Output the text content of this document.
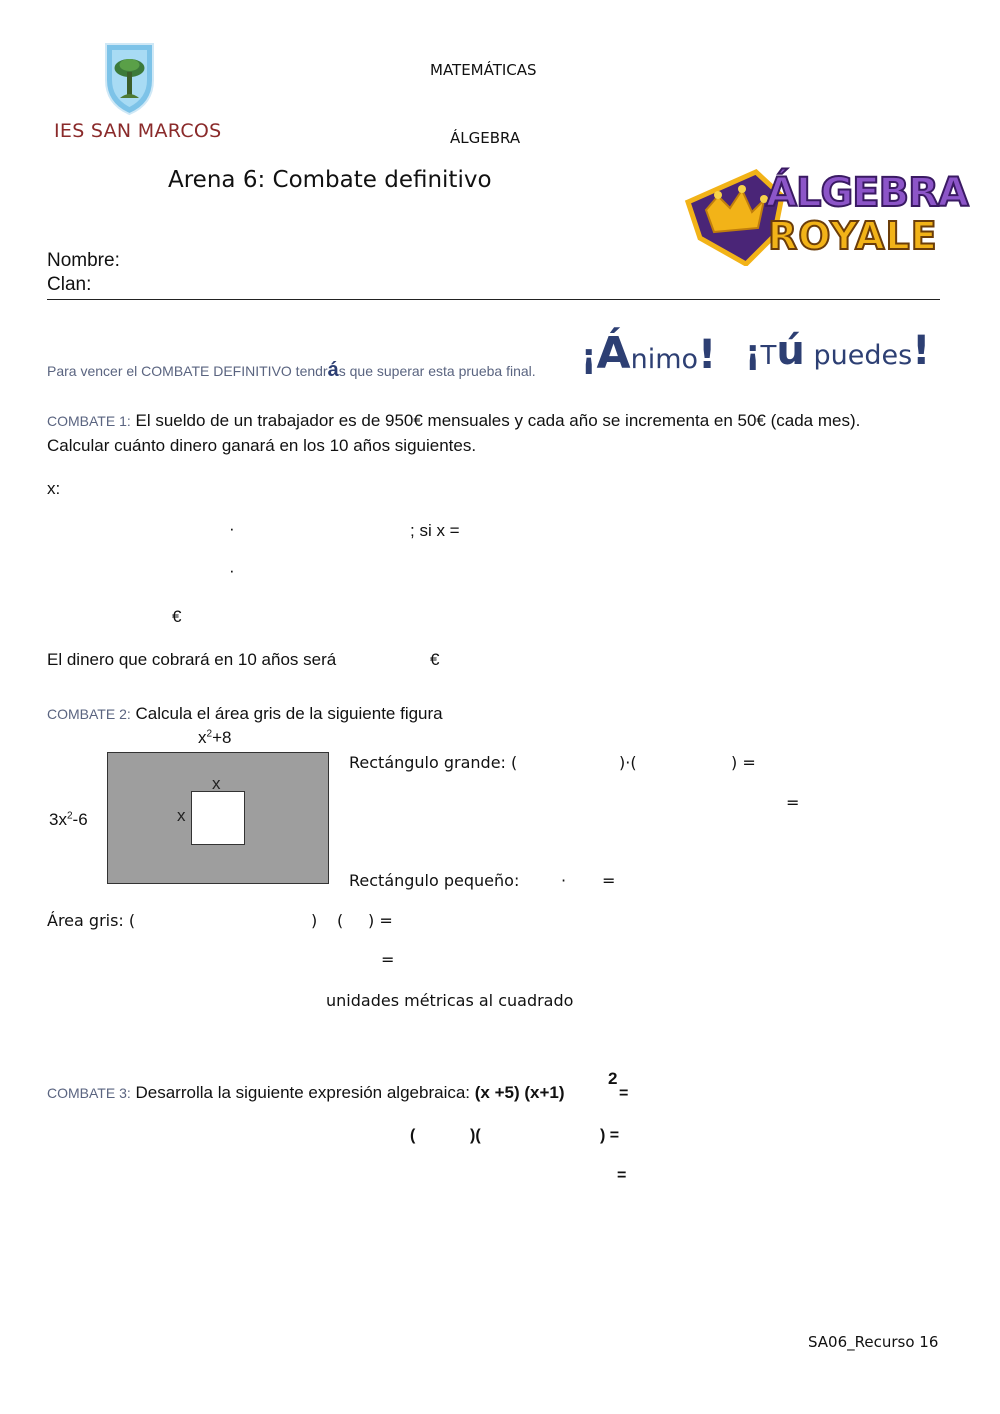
IES SAN MARCOS
MATEMÁTICAS
ÁLGEBRA
Arena 6: Combate definitivo	ÁLGEBRA
ROYALE
Nombre:
Clan:
Para vencer el COMBATE DEFINITIVO tendrás que superar esta prueba final. ¡Ánimo! ¡Tú puedes!
COMBATE 1: El sueldo de un trabajador es de 950€ mensuales y cada año se incrementa en 50€ (cada mes).
Calcular cuánto dinero ganará en los 10 años siguientes.
x:
·	; si x =
·
€
El dinero que cobrará en 10 años será	€
COMBATE 2: Calcula el área gris de la siguiente figura
$x^2+8$
$3x^2-6$
x
x
Rectángulo grande: (	)·(	) =
=
Rectángulo pequeño:	· =
Área gris: (	) ( ) =
=
unidades métricas al cuadrado
COMBATE 3: Desarrolla la siguiente expresión algebraica: (x +5) (x+1)
2
=
(	)(	) =
=
SA06_Recurso 16
